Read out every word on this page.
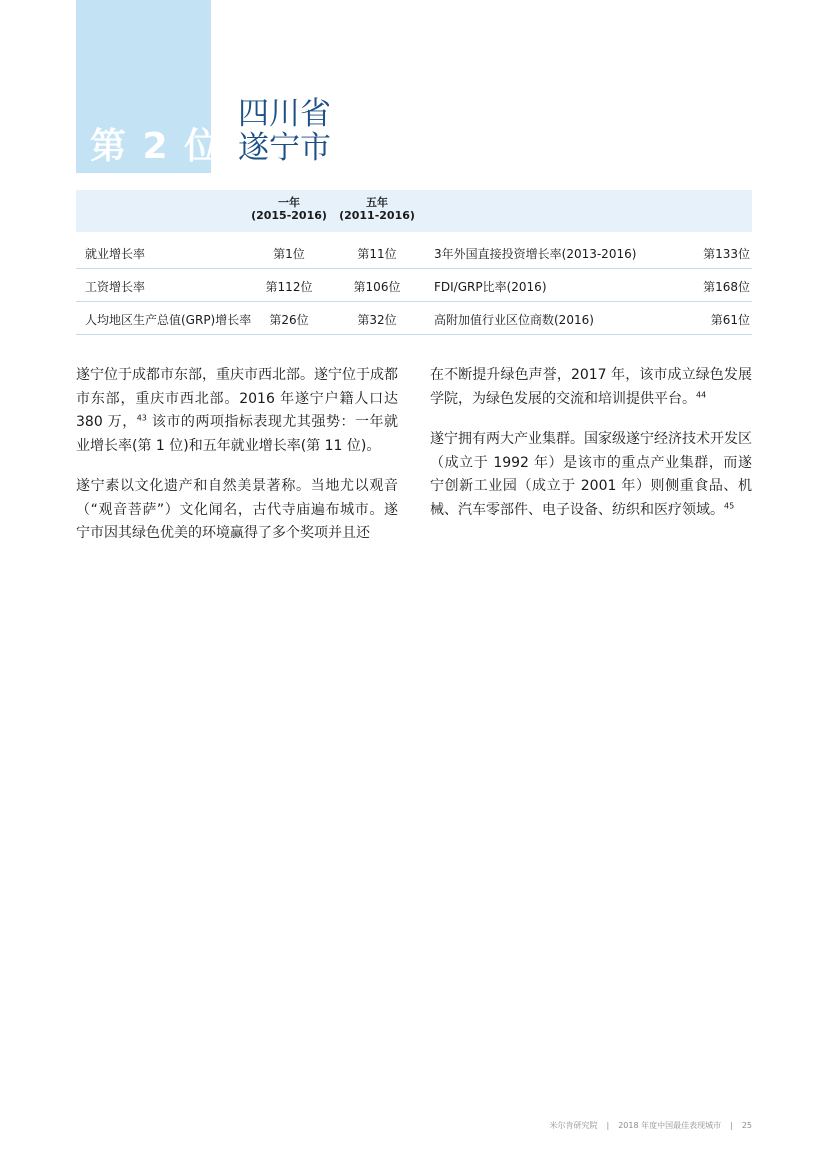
第 2 位
四川省
遂宁市
一年
(2015-2016)
五年
(2011-2016)
就业增长率	第1位	第11位	3年外国直接投资增长率(2013-2016)	第133位
工资增长率	第112位	第106位	FDI/GRP比率(2016)	第168位
人均地区生产总值(GRP)增长率	第26位	第32位	高附加值行业区位商数(2016)	第61位

遂宁位于成都市东部，重庆市西北部。遂宁位于成都市东部，重庆市西北部。2016 年遂宁户籍人口达 380 万，$^{43}$ 该市的两项指标表现尤其强势：一年就业增长率(第 1 位)和五年就业增长率(第 11 位)。

遂宁素以文化遗产和自然美景著称。当地尤以观音（“观音菩萨”）文化闻名，古代寺庙遍布城市。遂宁市因其绿色优美的环境赢得了多个奖项并且还

在不断提升绿色声誉，2017 年，该市成立绿色发展学院，为绿色发展的交流和培训提供平台。$^{44}$

遂宁拥有两大产业集群。国家级遂宁经济技术开发区（成立于 1992 年）是该市的重点产业集群，而遂宁创新工业园（成立于 2001 年）则侧重食品、机械、汽车零部件、电子设备、纺织和医疗领域。$^{45}$

米尔肯研究院 | 2018 年度中国最佳表现城市 | 25
